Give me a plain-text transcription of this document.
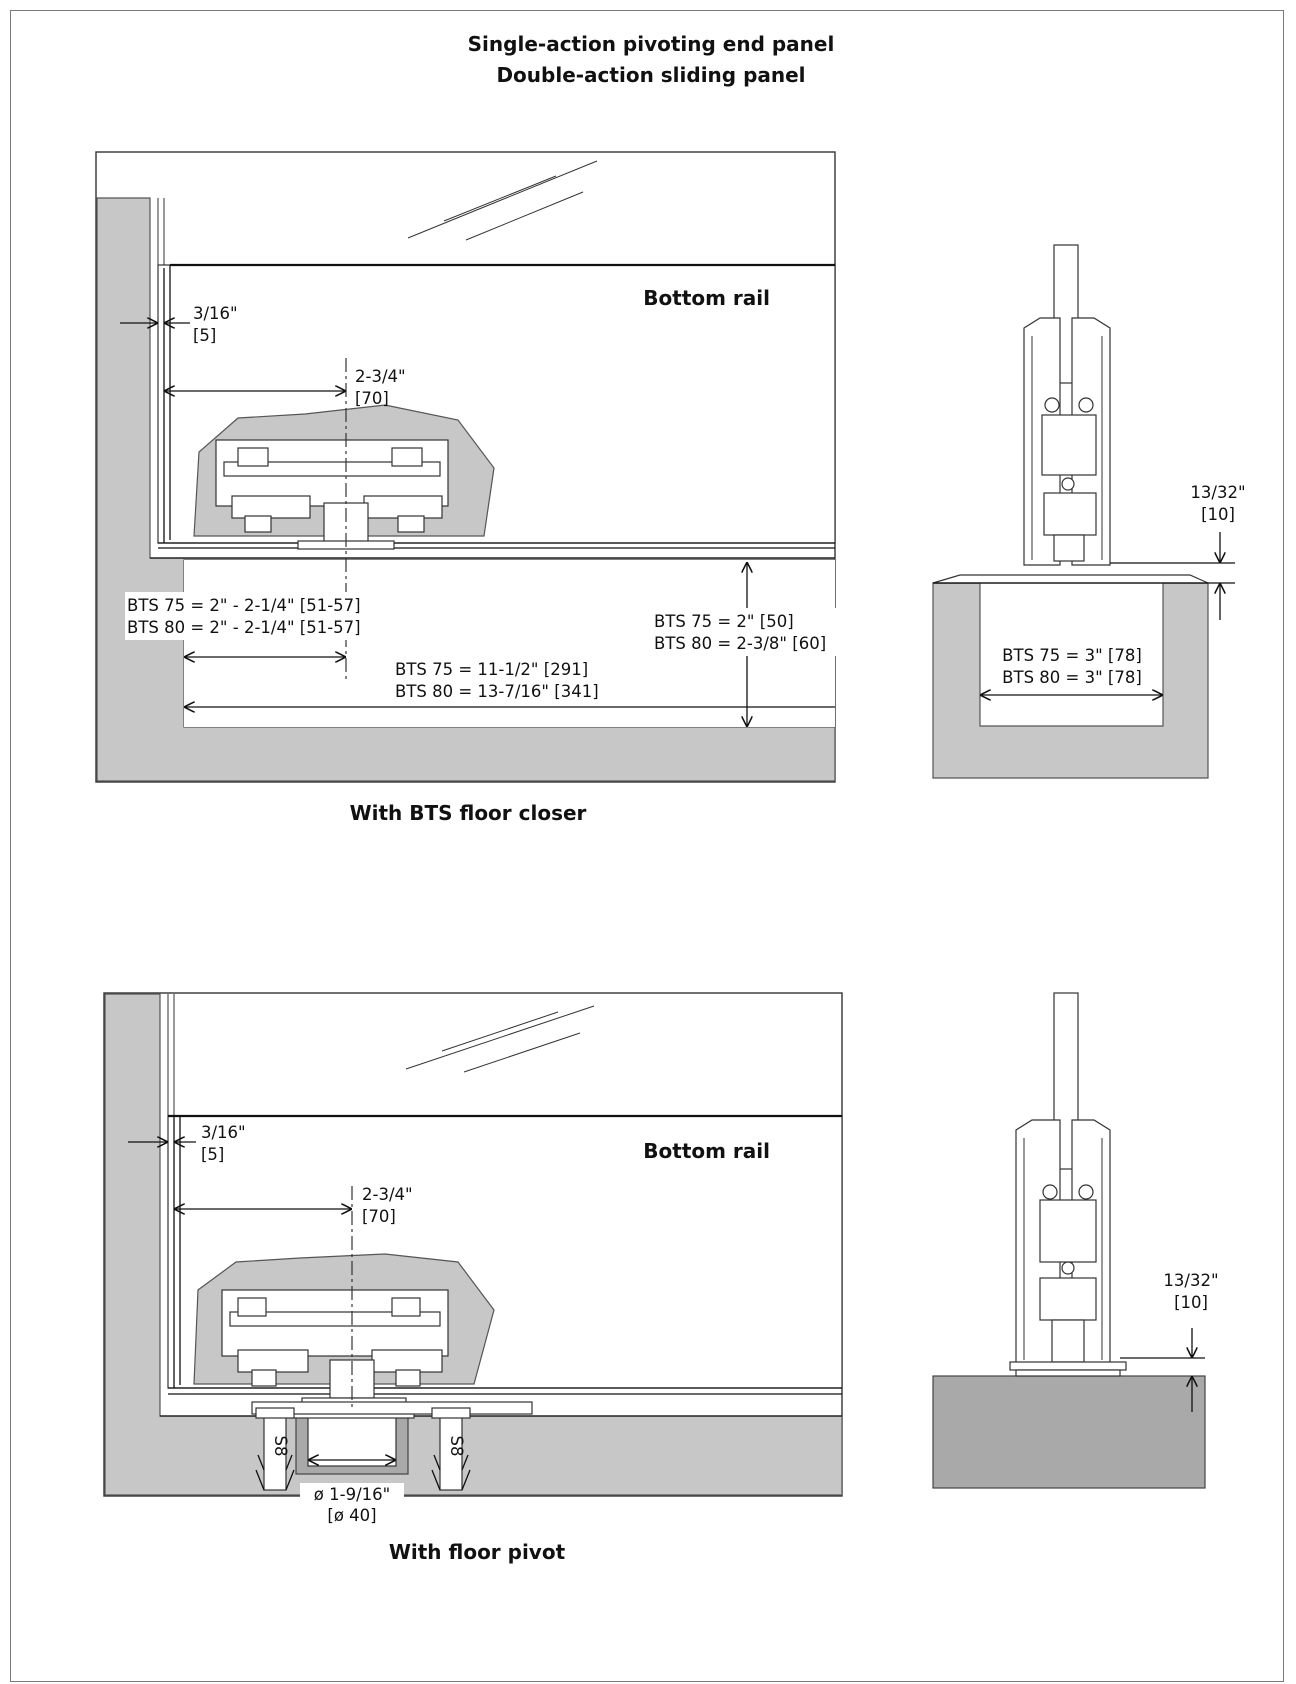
Single-action pivoting end panel
Double-action sliding panel
Bottom rail
3/16"
[5]
2-3/4"
[70]
BTS 75 = 2" - 2-1/4" [51-57]
BTS 80 = 2" - 2-1/4" [51-57]	BTS 75 = 2" [50]
BTS 80 = 2-3/8" [60]
BTS 75 = 11-1/2" [291]
BTS 80 = 13-7/16" [341]
With BTS floor closer
13/32"
[10]
BTS 75 = 3" [78]
BTS 80 = 3" [78]
S8	S8
Bottom rail
3/16"
[5]
2-3/4"
[70]
ø 1-9/16"
[ø 40]
With floor pivot
13/32"
[10]
